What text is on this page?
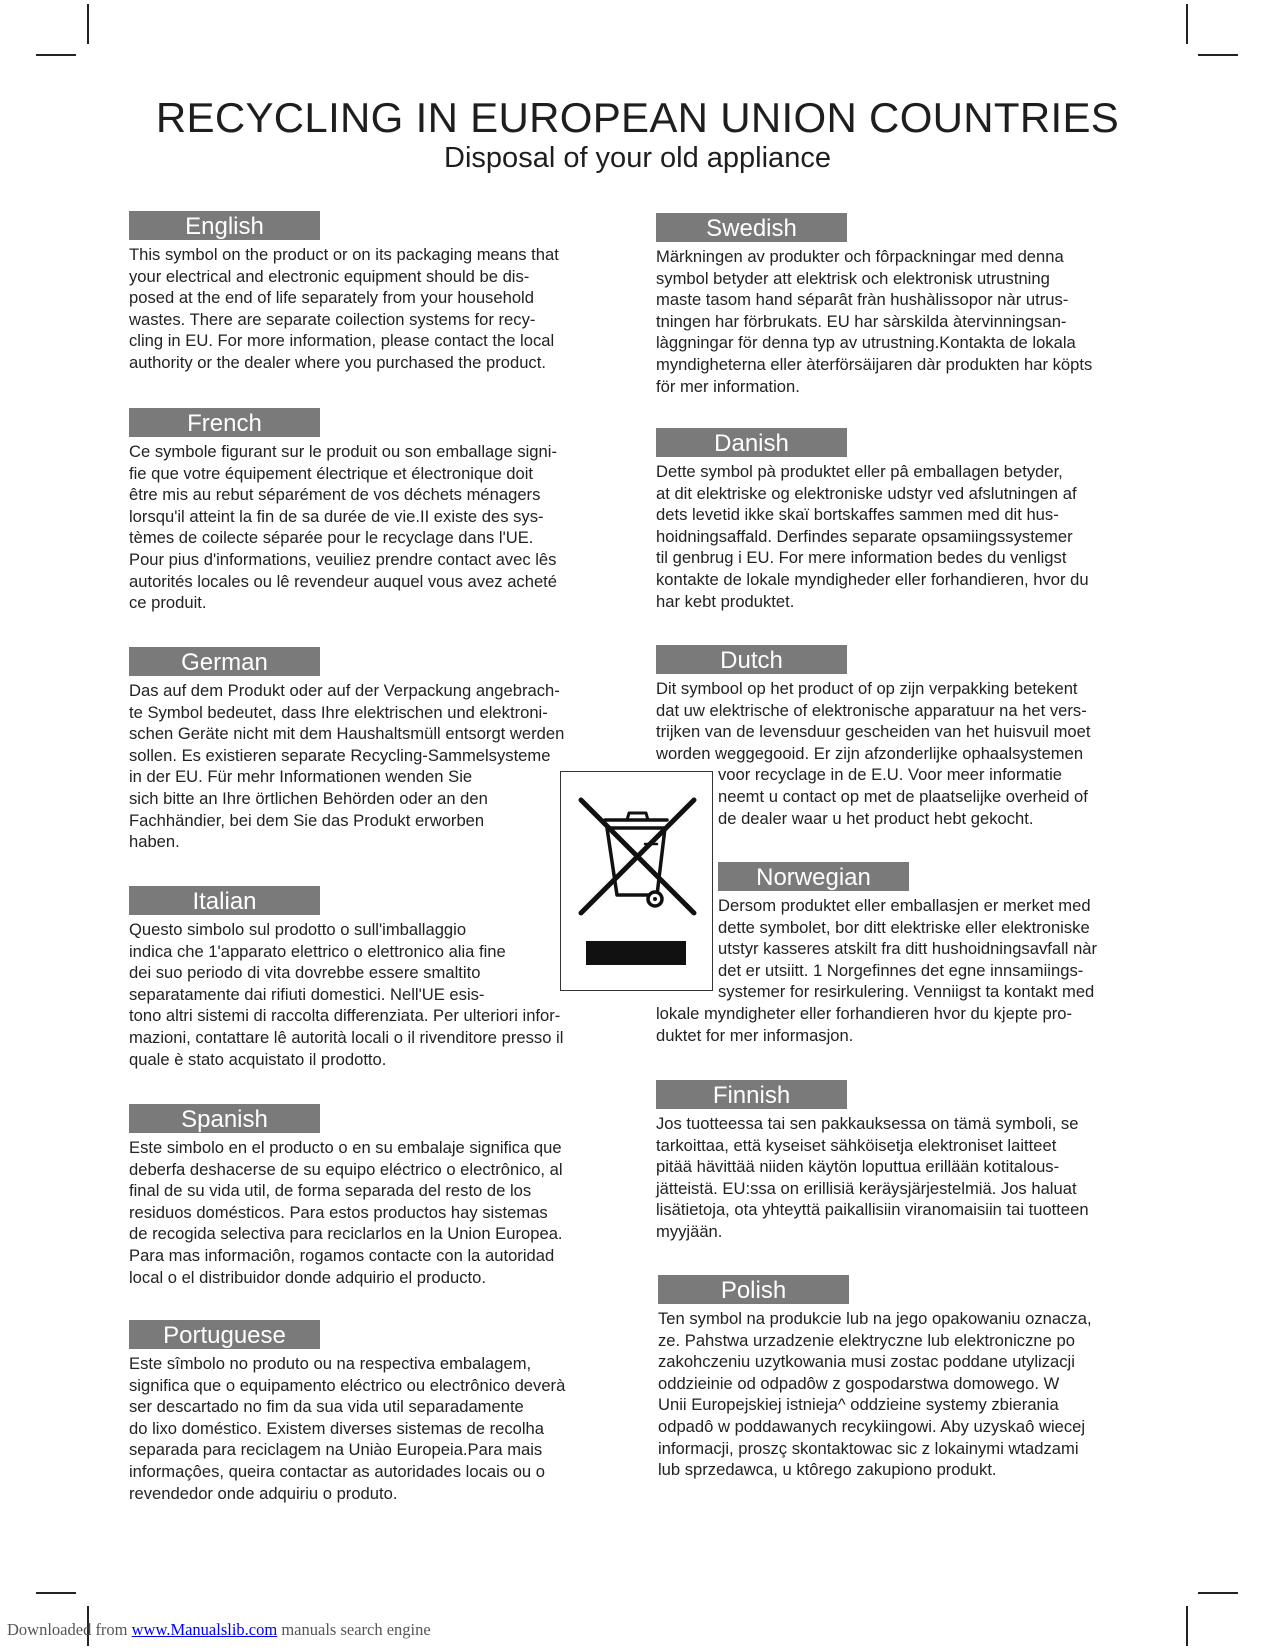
RECYCLING IN EUROPEAN UNION COUNTRIES
Disposal of your old appliance
English

This symbol on the product or on its packaging means that
your electrical and electronic equipment should be dis-
posed at the end of life separately from your household
wastes. There are separate coilection systems for recy-
cling in EU. For more information, please contact the local
authority or the dealer where you purchased the product.

French

Ce symbole figurant sur le produit ou son emballage signi-
fie que votre équipement électrique et électronique doit
être mis au rebut séparément de vos déchets ménagers
lorsqu'il atteint la fin de sa durée de vie.II existe des sys-
tèmes de coilecte séparée pour le recyclage dans l'UE.
Pour pius d'informations, veuiliez prendre contact avec lês
autorités locales ou lê revendeur auquel vous avez acheté
ce produit.

German

Das auf dem Produkt oder auf der Verpackung angebrach-
te Symbol bedeutet, dass Ihre elektrischen und elektroni-
schen Geräte nicht mit dem Haushaltsmüll entsorgt werden
sollen. Es existieren separate Recycling-Sammelsysteme
in der EU. Für mehr Informationen wenden Sie
sich bitte an Ihre örtlichen Behörden oder an den
Fachhändier, bei dem Sie das Produkt erworben
haben.

Italian

Questo simbolo sul prodotto o sull'imballaggio
indica che 1'apparato elettrico o elettronico alia fine
dei suo periodo di vita dovrebbe essere smaltito
separatamente dai rifiuti domestici. Nell'UE esis-
tono altri sistemi di raccolta differenziata. Per ulteriori infor-
mazioni, contattare lê autorità locali o il rivenditore presso il
quale è stato acquistato il prodotto.

Spanish

Este simbolo en el producto o en su embalaje significa que
deberfa deshacerse de su equipo eléctrico o electrônico, al
final de su vida util, de forma separada del resto de los
residuos domésticos. Para estos productos hay sistemas
de recogida selectiva para reciclarlos en la Union Europea.
Para mas informaciôn, rogamos contacte con la autoridad
local o el distribuidor donde adquirio el producto.

Portuguese

Este sîmbolo no produto ou na respectiva embalagem,
significa que o equipamento eléctrico ou electrônico deverà
ser descartado no fim da sua vida util separadamente
do lixo doméstico. Existem diverses sistemas de recolha
separada para reciclagem na Uniào Europeia.Para mais
informaçôes, queira contactar as autoridades locais ou o
revendedor onde adquiriu o produto.

Swedish

Märkningen av produkter och fôrpackningar med denna
symbol betyder att elektrisk och elektronisk utrustning
maste tasom hand séparât fràn hushàlissopor nàr utrus-
tningen har förbrukats. EU har sàrskilda àtervinningsan-
làggningar för denna typ av utrustning.Kontakta de lokala
myndigheterna eller àterförsäijaren dàr produkten har köpts
för mer information.

Danish

Dette symbol pà produktet eller pâ emballagen betyder,
at dit elektriske og elektroniske udstyr ved afslutningen af
dets levetid ikke skaï bortskaffes sammen med dit hus-
hoidningsaffald. Derfindes separate opsamiingssystemer
til genbrug i EU. For mere information bedes du venligst
kontakte de lokale myndigheder eller forhandieren, hvor du
har kebt produktet.

Dutch

Dit symbool op het product of op zijn verpakking betekent
dat uw elektrische of elektronische apparatuur na het vers-
trijken van de levensduur gescheiden van het huisvuil moet
worden weggegooid. Er zijn afzonderlijke ophaalsystemen

voor recyclage in de E.U. Voor meer informatie
neemt u contact op met de plaatselijke overheid of
de dealer waar u het product hebt gekocht.

Norwegian

Dersom produktet eller emballasjen er merket med
dette symbolet, bor ditt elektriske eller elektroniske
utstyr kasseres atskilt fra ditt hushoidningsavfall nàr
det er utsiitt. 1 Norgefinnes det egne innsamiings-
systemer for resirkulering. Venniigst ta kontakt med

lokale myndigheter eller forhandieren hvor du kjepte pro-
duktet for mer informasjon.

Finnish

Jos tuotteessa tai sen pakkauksessa on tämä symboli, se
tarkoittaa, että kyseiset sähköisetja elektroniset laitteet
pitää hävittää niiden käytön loputtua erillään kotitalous-
jätteistä. EU:ssa on erillisiä keräysjärjestelmiä. Jos haluat
lisätietoja, ota yhteyttä paikallisiin viranomaisiin tai tuotteen
myyjään.

Polish

Ten symbol na produkcie lub na jego opakowaniu oznacza,
ze. Pahstwa urzadzenie elektryczne lub elektroniczne po
zakohczeniu uzytkowania musi zostac poddane utylizacji
oddzieinie od odpadôw z gospodarstwa domowego. W
Unii Europejskiej istnieja^ oddzieine systemy zbierania
odpadô w poddawanych recykiingowi. Aby uzyskaô wiecej
informacji, proszç skontaktowac sic z lokainymi wtadzami
lub sprzedawca, u ktôrego zakupiono produkt.

Downloaded from www.Manualslib.com manuals search engine
